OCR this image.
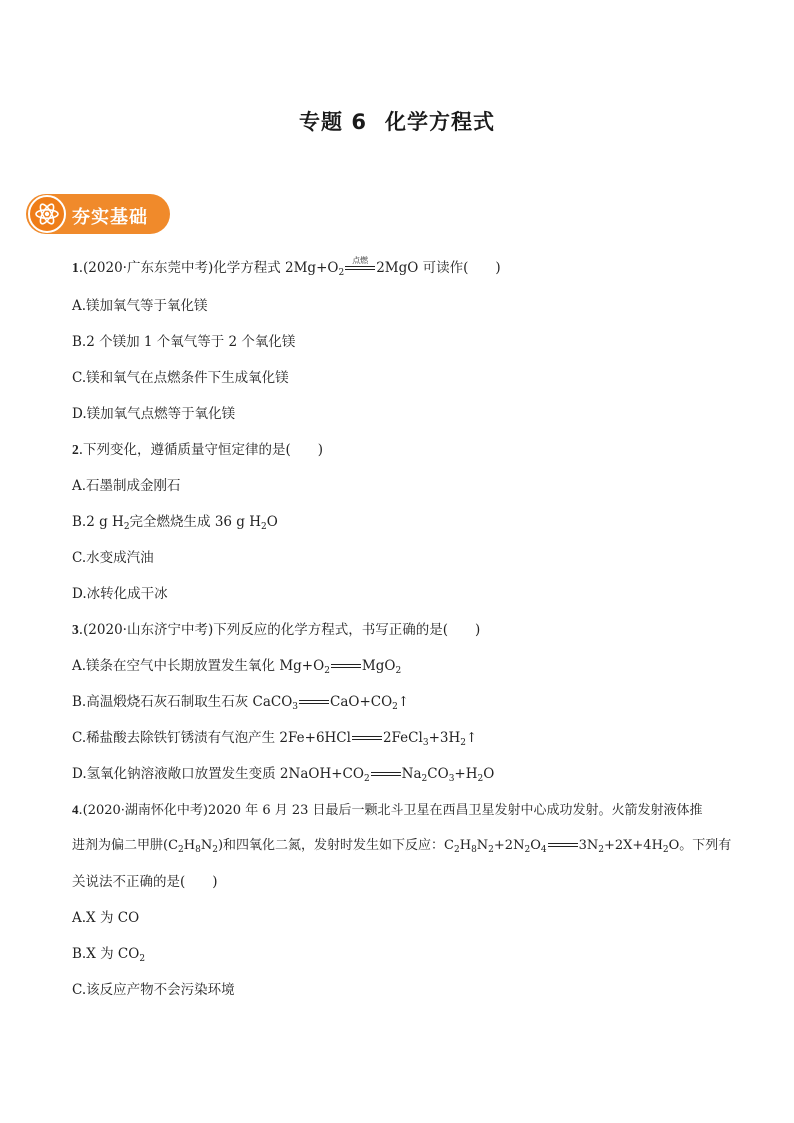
专题 6 化学方程式
夯实基础
1.(2020·广东东莞中考)化学方程式 $2Mg+O_2$
点燃 2MgO 可读作(　　)
A.镁加氧气等于氧化镁
B.2 个镁加 1 个氧气等于 2 个氧化镁
C.镁和氧气在点燃条件下生成氧化镁
D.镁加氧气点燃等于氧化镁
2.下列变化，遵循质量守恒定律的是(　　)
A.石墨制成金刚石
B.2 g $H_2$完全燃烧生成 36 g $H_2O$
C.水变成汽油
D.冰转化成干冰
3.(2020·山东济宁中考)下列反应的化学方程式，书写正确的是(　　)
A.镁条在空气中长期放置发生氧化 $Mg+O_2$ MgO$_2$
B.高温煅烧石灰石制取生石灰 CaCO$_3$ $CaO+CO_2↑$
C.稀盐酸去除铁钉锈渍有气泡产生 2Fe+6HCl $2FeCl_3+3H_2↑$
D.氢氧化钠溶液敞口放置发生变质 $2NaOH+CO_2$ $Na_2CO_3+H_2O$
4.(2020·湖南怀化中考)2020 年 6 月 23 日最后一颗北斗卫星在西昌卫星发射中心成功发射。火箭发射液体推
进剂为偏二甲肼$(C_2H_8N_2)$和四氧化二氮，发射时发生如下反应：$C_2H_8N_2+2N_2O_4$ $3N_2+2X+4H_2O$。下列有
关说法不正确的是(　　)
A.X 为 CO
B.X 为 $CO_2$
C.该反应产物不会污染环境
